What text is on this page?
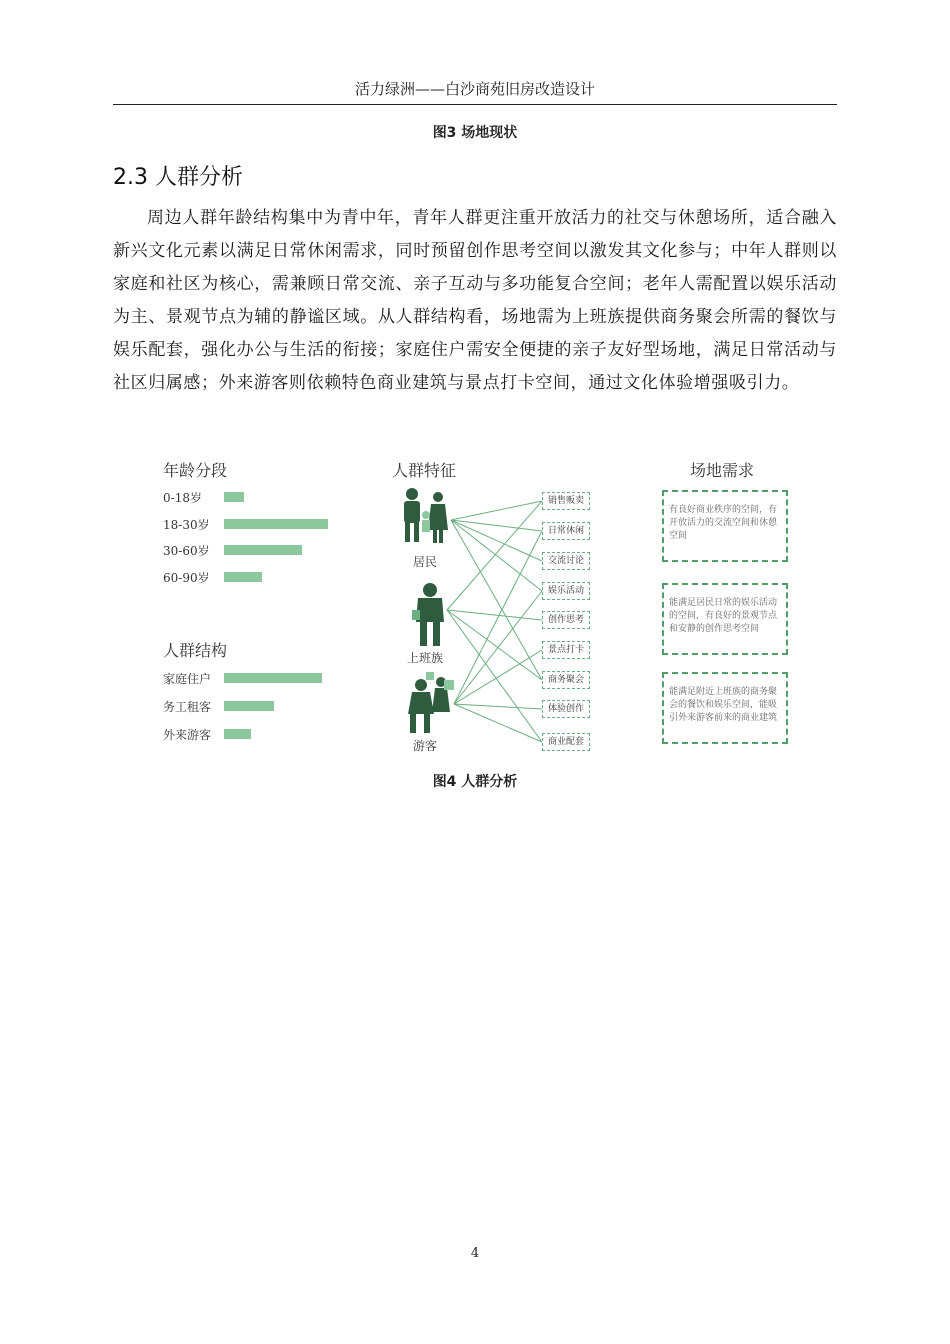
活力绿洲——白沙商苑旧房改造设计
图3 场地现状
2.3 人群分析

周边人群年龄结构集中为青中年，青年人群更注重开放活力的社交与休憩场所，适合融入新兴文化元素以满足日常休闲需求，同时预留创作思考空间以激发其文化参与；中年人群则以家庭和社区为核心，需兼顾日常交流、亲子互动与多功能复合空间；老年人需配置以娱乐活动为主、景观节点为辅的静谧区域。从人群结构看，场地需为上班族提供商务聚会所需的餐饮与娱乐配套，强化办公与生活的衔接；家庭住户需安全便捷的亲子友好型场地，满足日常活动与社区归属感；外来游客则依赖特色商业建筑与景点打卡空间，通过文化体验增强吸引力。

年龄分段
0-18岁
18-30岁
30-60岁
60-90岁
人群结构
家庭住户
务工租客
外来游客
人群特征
居民
上班族
游客
销售贩卖
日常休闲
交流讨论
娱乐活动
创作思考
景点打卡
商务聚会
体验创作
商业配套
场地需求
有良好商业秩序的空间，有开放活力的交流空间和休憩空间
能满足居民日常的娱乐活动的空间，有良好的景观节点和安静的创作思考空间
能满足附近上班族的商务聚会的餐饮和娱乐空间，能吸引外来游客前来的商业建筑
图4 人群分析
4
